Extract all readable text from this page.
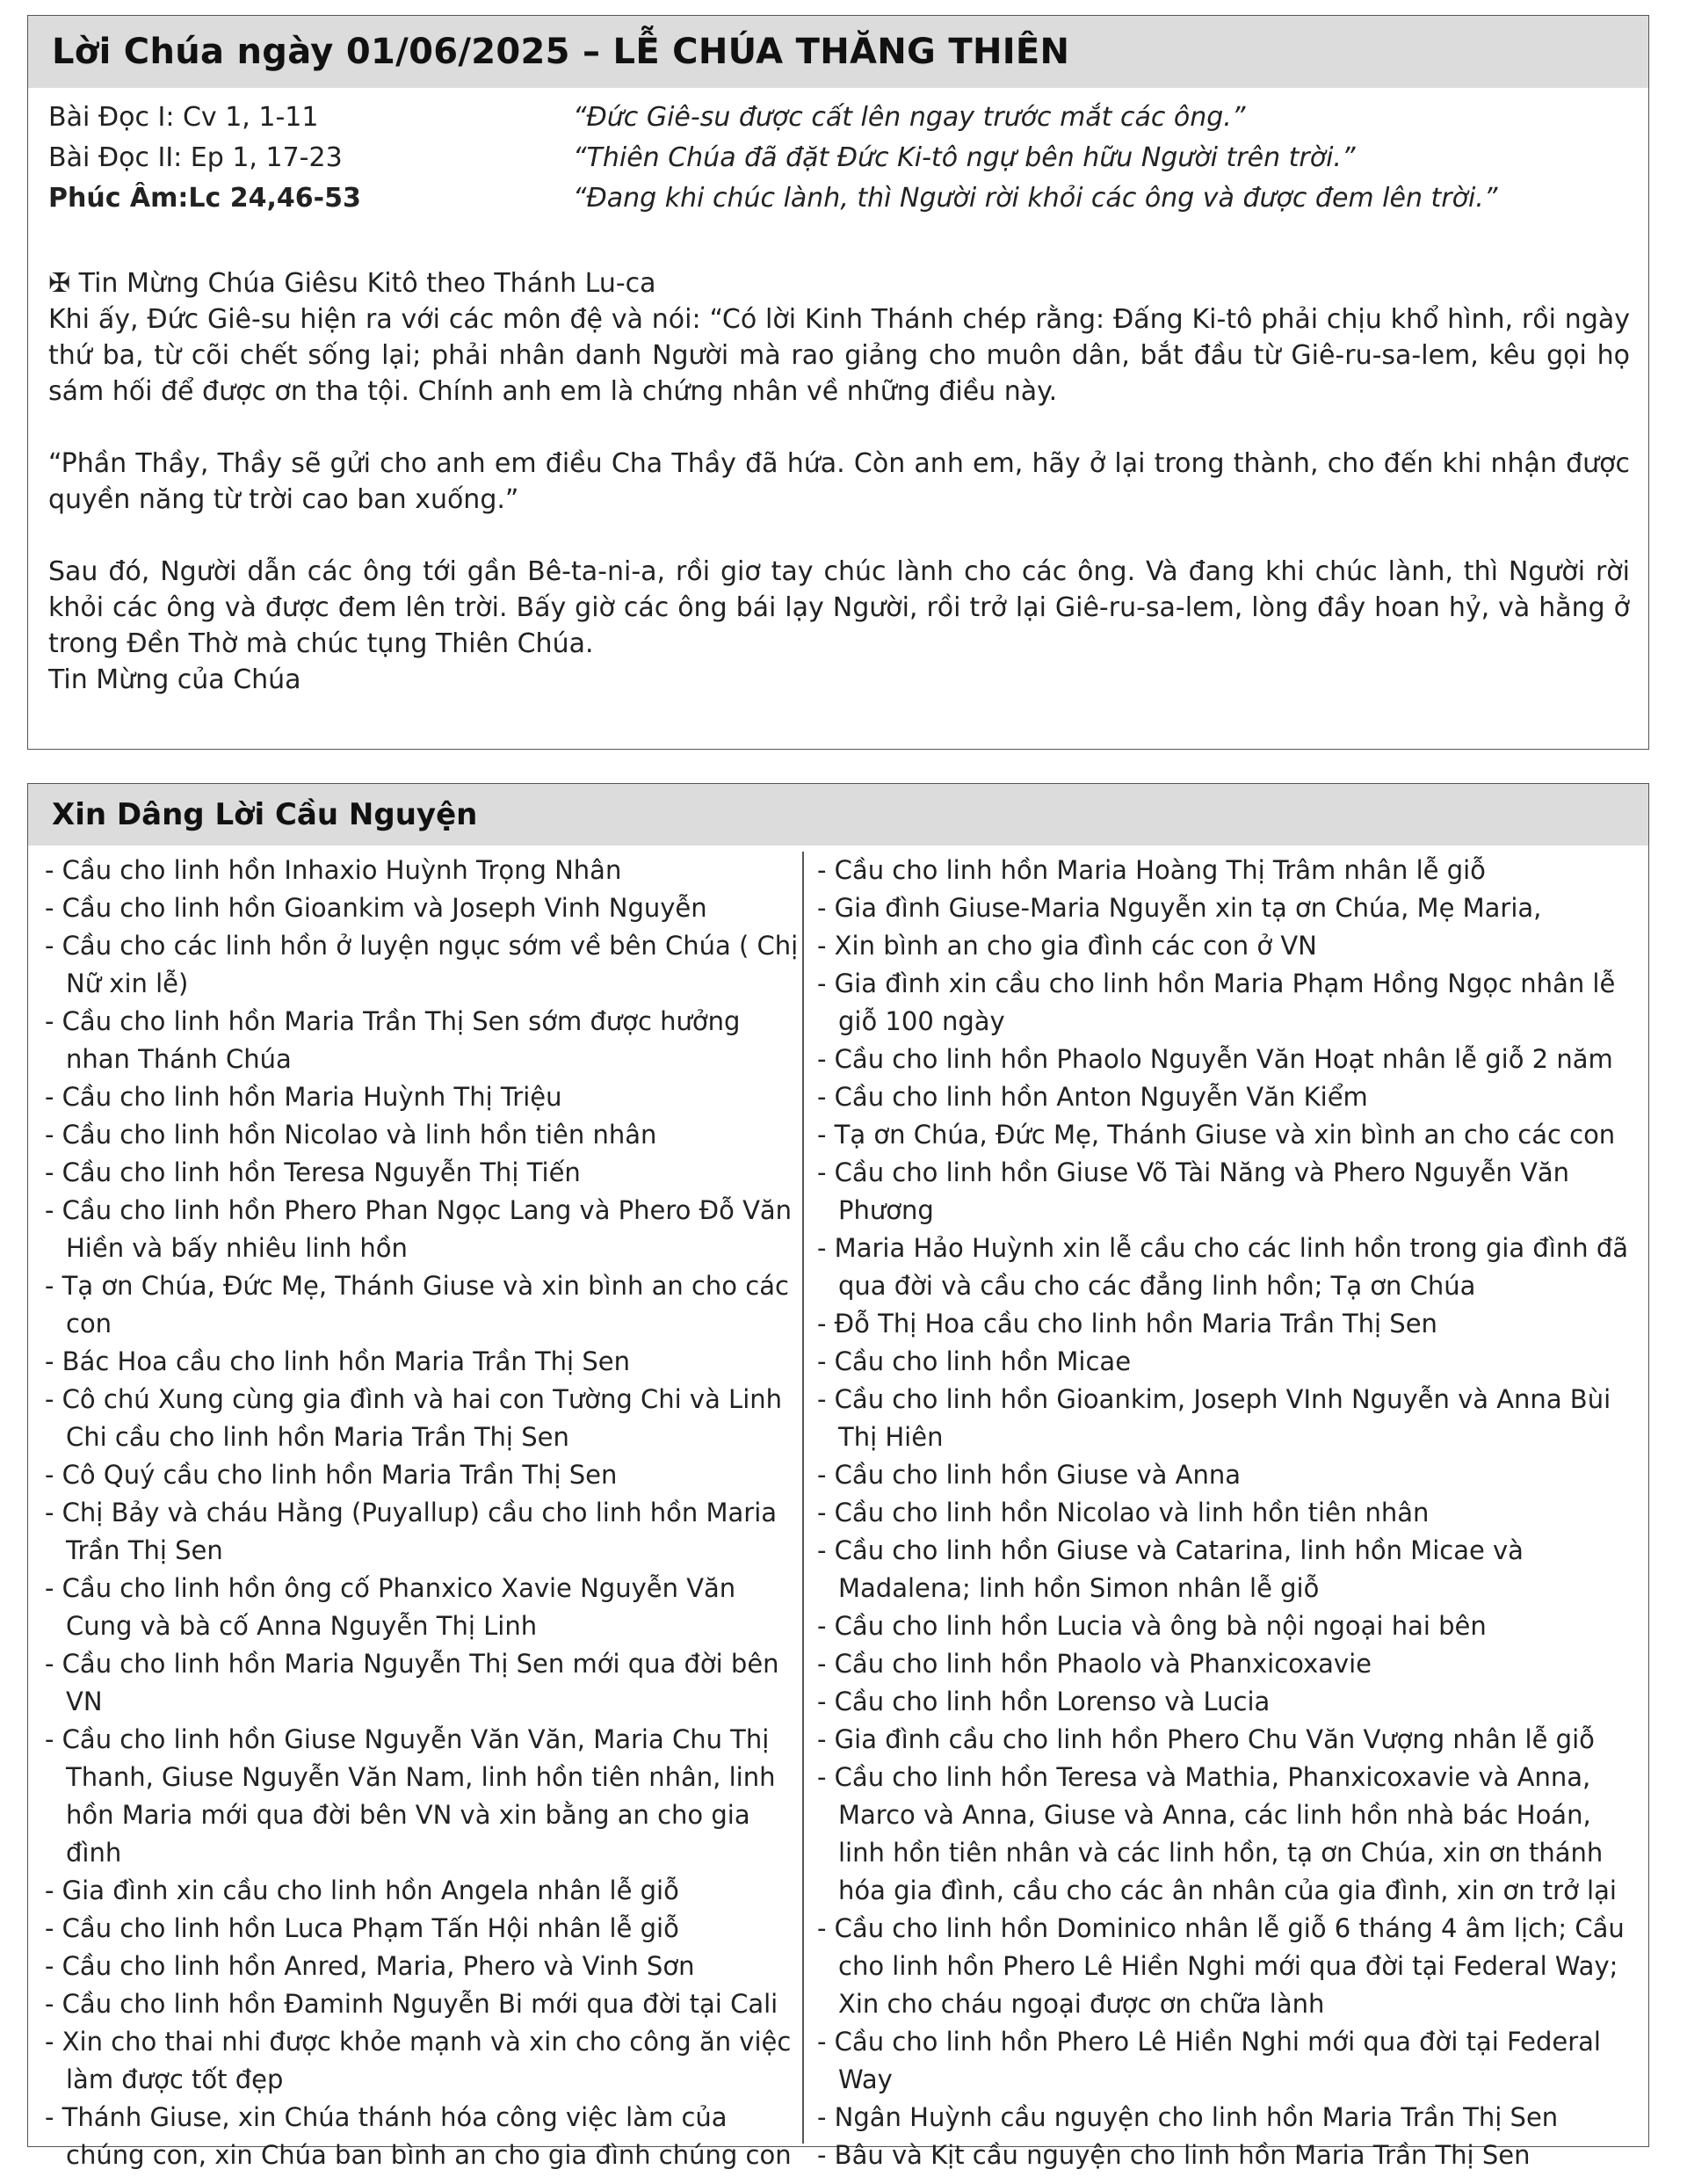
Lời Chúa ngày 01/06/2025 – LỄ CHÚA THĂNG THIÊN
Bài Đọc I: Cv 1, 1-11	“Đức Giê-su được cất lên ngay trước mắt các ông.”
Bài Đọc II: Ep 1, 17-23	“Thiên Chúa đã đặt Đức Ki-tô ngự bên hữu Người trên trời.”
Phúc Âm:Lc 24,46-53	“Đang khi chúc lành, thì Người rời khỏi các ông và được đem lên trời.”

✠ Tin Mừng Chúa Giêsu Kitô theo Thánh Lu-ca

Khi ấy, Đức Giê-su hiện ra với các môn đệ và nói: “Có lời Kinh Thánh chép rằng: Đấng Ki-tô phải chịu khổ hình, rồi ngày thứ ba, từ cõi chết sống lại; phải nhân danh Người mà rao giảng cho muôn dân, bắt đầu từ Giê-ru-sa-lem, kêu gọi họ sám hối để được ơn tha tội. Chính anh em là chứng nhân về những điều này.

“Phần Thầy, Thầy sẽ gửi cho anh em điều Cha Thầy đã hứa. Còn anh em, hãy ở lại trong thành, cho đến khi nhận được quyền năng từ trời cao ban xuống.”

Sau đó, Người dẫn các ông tới gần Bê-ta-ni-a, rồi giơ tay chúc lành cho các ông. Và đang khi chúc lành, thì Người rời khỏi các ông và được đem lên trời. Bấy giờ các ông bái lạy Người, rồi trở lại Giê-ru-sa-lem, lòng đầy hoan hỷ, và hằng ở trong Đền Thờ mà chúc tụng Thiên Chúa.

Tin Mừng của Chúa

Xin Dâng Lời Cầu Nguyện
- Cầu cho linh hồn Inhaxio Huỳnh Trọng Nhân
- Cầu cho linh hồn Gioankim và Joseph Vinh Nguyễn
- Cầu cho các linh hồn ở luyện ngục sớm về bên Chúa ( Chị Nữ xin lễ)
- Cầu cho linh hồn Maria Trần Thị Sen sớm được hưởng nhan Thánh Chúa
- Cầu cho linh hồn Maria Huỳnh Thị Triệu
- Cầu cho linh hồn Nicolao và linh hồn tiên nhân
- Cầu cho linh hồn Teresa Nguyễn Thị Tiến
- Cầu cho linh hồn Phero Phan Ngọc Lang và Phero Đỗ Văn Hiền và bấy nhiêu linh hồn
- Tạ ơn Chúa, Đức Mẹ, Thánh Giuse và xin bình an cho các con
- Bác Hoa cầu cho linh hồn Maria Trần Thị Sen
- Cô chú Xung cùng gia đình và hai con Tường Chi và Linh Chi cầu cho linh hồn Maria Trần Thị Sen
- Cô Quý cầu cho linh hồn Maria Trần Thị Sen
- Chị Bảy và cháu Hằng (Puyallup) cầu cho linh hồn Maria Trần Thị Sen
- Cầu cho linh hồn ông cố Phanxico Xavie Nguyễn Văn Cung và bà cố Anna Nguyễn Thị Linh
- Cầu cho linh hồn Maria Nguyễn Thị Sen mới qua đời bên VN
- Cầu cho linh hồn Giuse Nguyễn Văn Văn, Maria Chu Thị Thanh, Giuse Nguyễn Văn Nam, linh hồn tiên nhân, linh hồn Maria mới qua đời bên VN và xin bằng an cho gia đình
- Gia đình xin cầu cho linh hồn Angela nhân lễ giỗ
- Cầu cho linh hồn Luca Phạm Tấn Hội nhân lễ giỗ
- Cầu cho linh hồn Anred, Maria, Phero và Vinh Sơn
- Cầu cho linh hồn Đaminh Nguyễn Bi mới qua đời tại Cali
- Xin cho thai nhi được khỏe mạnh và xin cho công ăn việc làm được tốt đẹp
- Thánh Giuse, xin Chúa thánh hóa công việc làm của chúng con, xin Chúa ban bình an cho gia đình chúng con
- Cầu cho linh hồn Maria Hoàng Thị Trâm nhân lễ giỗ
- Gia đình Giuse-Maria Nguyễn xin tạ ơn Chúa, Mẹ Maria,
- Xin bình an cho gia đình các con ở VN
- Gia đình xin cầu cho linh hồn Maria Phạm Hồng Ngọc nhân lễ giỗ 100 ngày
- Cầu cho linh hồn Phaolo Nguyễn Văn Hoạt nhân lễ giỗ 2 năm
- Cầu cho linh hồn Anton Nguyễn Văn Kiểm
- Tạ ơn Chúa, Đức Mẹ, Thánh Giuse và xin bình an cho các con
- Cầu cho linh hồn Giuse Võ Tài Năng và Phero Nguyễn Văn Phương
- Maria Hảo Huỳnh xin lễ cầu cho các linh hồn trong gia đình đã qua đời và cầu cho các đẳng linh hồn; Tạ ơn Chúa
- Đỗ Thị Hoa cầu cho linh hồn Maria Trần Thị Sen
- Cầu cho linh hồn Micae
- Cầu cho linh hồn Gioankim, Joseph VInh Nguyễn và Anna Bùi Thị Hiên
- Cầu cho linh hồn Giuse và Anna
- Cầu cho linh hồn Nicolao và linh hồn tiên nhân
- Cầu cho linh hồn Giuse và Catarina, linh hồn Micae và Madalena; linh hồn Simon nhân lễ giỗ
- Cầu cho linh hồn Lucia và ông bà nội ngoại hai bên
- Cầu cho linh hồn Phaolo và Phanxicoxavie
- Cầu cho linh hồn Lorenso và Lucia
- Gia đình cầu cho linh hồn Phero Chu Văn Vượng nhân lễ giỗ
- Cầu cho linh hồn Teresa và Mathia, Phanxicoxavie và Anna, Marco và Anna, Giuse và Anna, các linh hồn nhà bác Hoán, linh hồn tiên nhân và các linh hồn, tạ ơn Chúa, xin ơn thánh hóa gia đình, cầu cho các ân nhân của gia đình, xin ơn trở lại
- Cầu cho linh hồn Dominico nhân lễ giỗ 6 tháng 4 âm lịch; Cầu cho linh hồn Phero Lê Hiền Nghi mới qua đời tại Federal Way; Xin cho cháu ngoại được ơn chữa lành
- Cầu cho linh hồn Phero Lê Hiền Nghi mới qua đời tại Federal Way
- Ngân Huỳnh cầu nguyện cho linh hồn Maria Trần Thị Sen
- Bâu và Kịt cầu nguyện cho linh hồn Maria Trần Thị Sen
